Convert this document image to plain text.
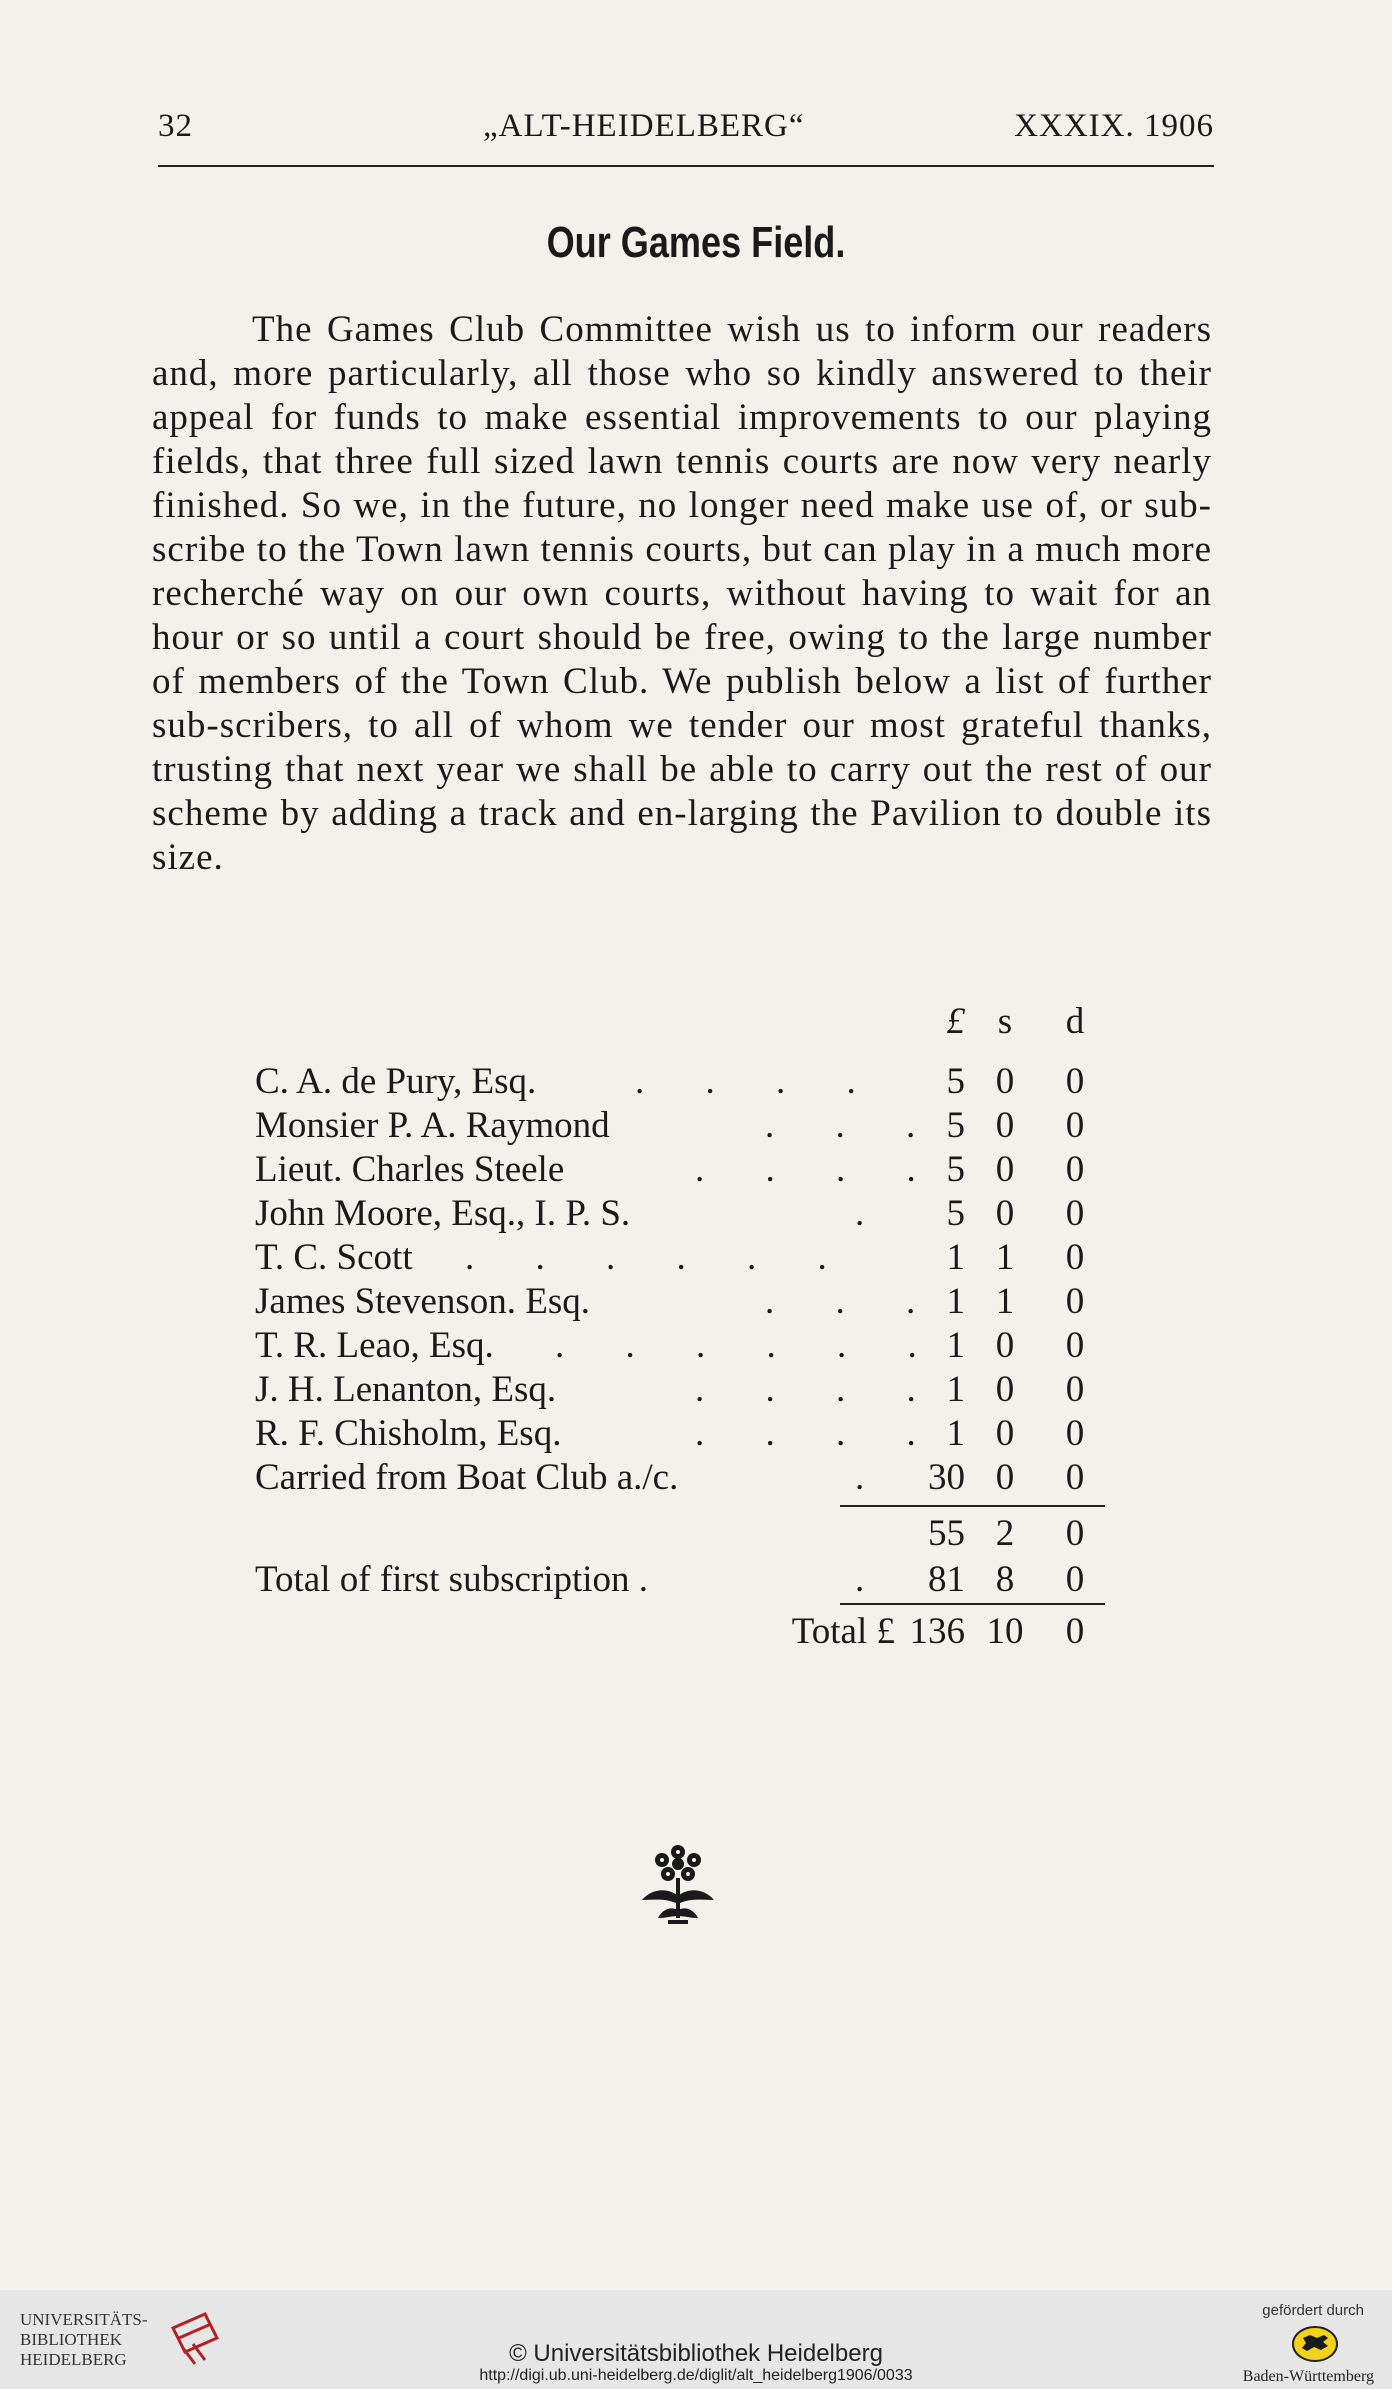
32	„ALT-HEIDELBERG“	XXXIX. 1906
Our Games Field.
The Games Club Committee wish us to inform our readers and, more particularly, all those who so kindly answered to their appeal for funds to make essential improvements to our playing fields, that three full sized lawn tennis courts are now very nearly finished. So we, in the future, no longer need make use of, or sub-scribe to the Town lawn tennis courts, but can play in a much more recherché way on our own courts, without having to wait for an hour or so until a court should be free, owing to the large number of members of the Town Club. We publish below a list of further sub-scribers, to all of whom we tender our most grateful thanks, trusting that next year we shall be able to carry out the rest of our scheme by adding a track and en-larging the Pavilion to double its size.
£ s	d
C. A. de Pury, Esq.	. . . .	5 0	0
Monsier P. A. Raymond	. . . 5 0	0
Lieut. Charles Steele	. . . . 5 0	0
John Moore, Esq., I. P. S.	.	5 0	0
T. C. Scott . . . . . .	1 1	0
James Stevenson. Esq.	. . . 1 1	0
T. R. Leao, Esq. . . . . . . 1 0	0
J. H. Lenanton, Esq.	. . . . 1 0	0
R. F. Chisholm, Esq.	. . . . 1 0	0
Carried from Boat Club a./c.	.	30 0	0
55 2	0
Total of first subscription .	.	81 8	0
Total £ 136 10	0
UNIVERSITÄTS-
BIBLIOTHEK
HEIDELBERG	© Universitätsbibliothek Heidelberg
http://digi.ub.uni-heidelberg.de/diglit/alt_heidelberg1906/0033
gefördert durch
Baden-Württemberg
